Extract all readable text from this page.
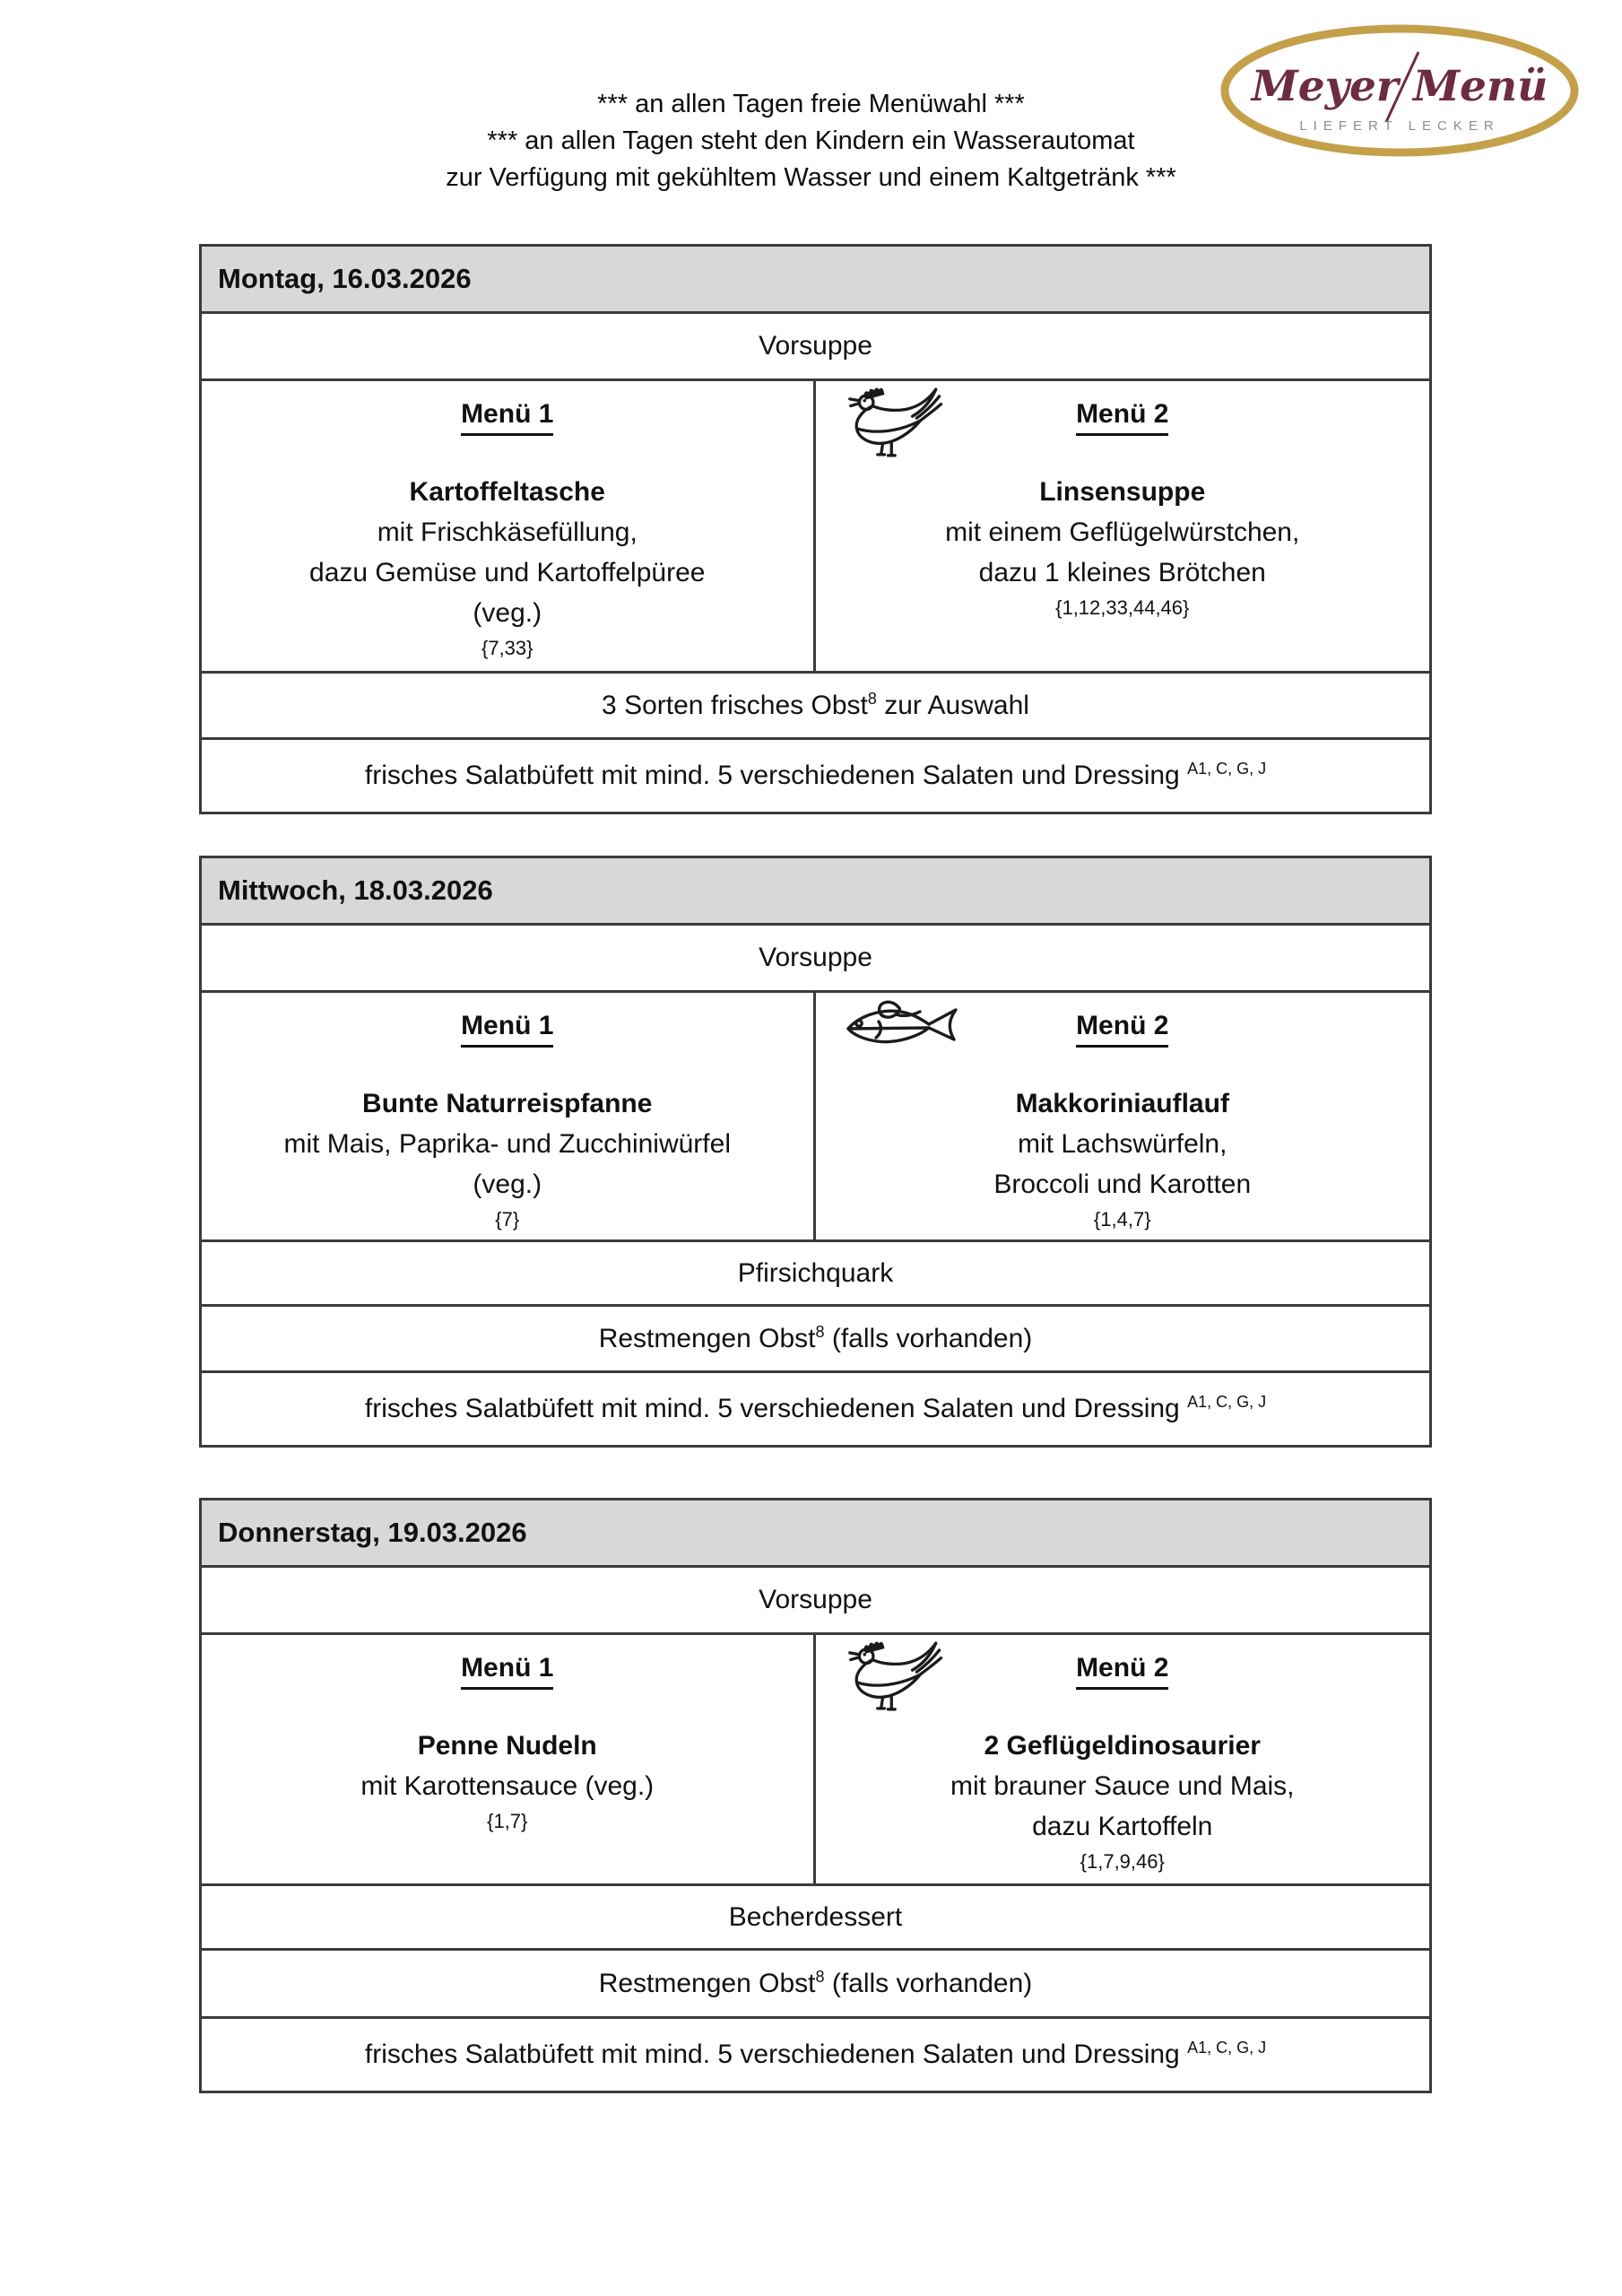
Meyer Menü
LIEFERT LECKER
*** an allen Tagen freie Menüwahl ***
*** an allen Tagen steht den Kindern ein Wasserautomat
zur Verfügung mit gekühltem Wasser und einem Kaltgetränk ***
Montag, 16.03.2026
Vorsuppe
Menü 1
Kartoffeltasche
mit Frischkäsefüllung,
dazu Gemüse und Kartoffelpüree
(veg.)
{7,33}
Menü 2
Linsensuppe
mit einem Geflügelwürstchen,
dazu 1 kleines Brötchen
{1,12,33,44,46}
3 Sorten frisches Obst$^8$ zur Auswahl
frisches Salatbüfett mit mind. 5 verschiedenen Salaten und Dressing $^{A1, C, G, J}$
Mittwoch, 18.03.2026
Vorsuppe
Menü 1
Bunte Naturreispfanne
mit Mais, Paprika- und Zucchiniwürfel
(veg.)
{7}
Menü 2
Makkoriniauflauf
mit Lachswürfeln,
Broccoli und Karotten
{1,4,7}
Pfirsichquark
Restmengen Obst$^8$ (falls vorhanden)
frisches Salatbüfett mit mind. 5 verschiedenen Salaten und Dressing $^{A1, C, G, J}$
Donnerstag, 19.03.2026
Vorsuppe
Menü 1
Penne Nudeln
mit Karottensauce (veg.)
{1,7}
Menü 2
2 Geflügeldinosaurier
mit brauner Sauce und Mais,
dazu Kartoffeln
{1,7,9,46}
Becherdessert
Restmengen Obst$^8$ (falls vorhanden)
frisches Salatbüfett mit mind. 5 verschiedenen Salaten und Dressing $^{A1, C, G, J}$
